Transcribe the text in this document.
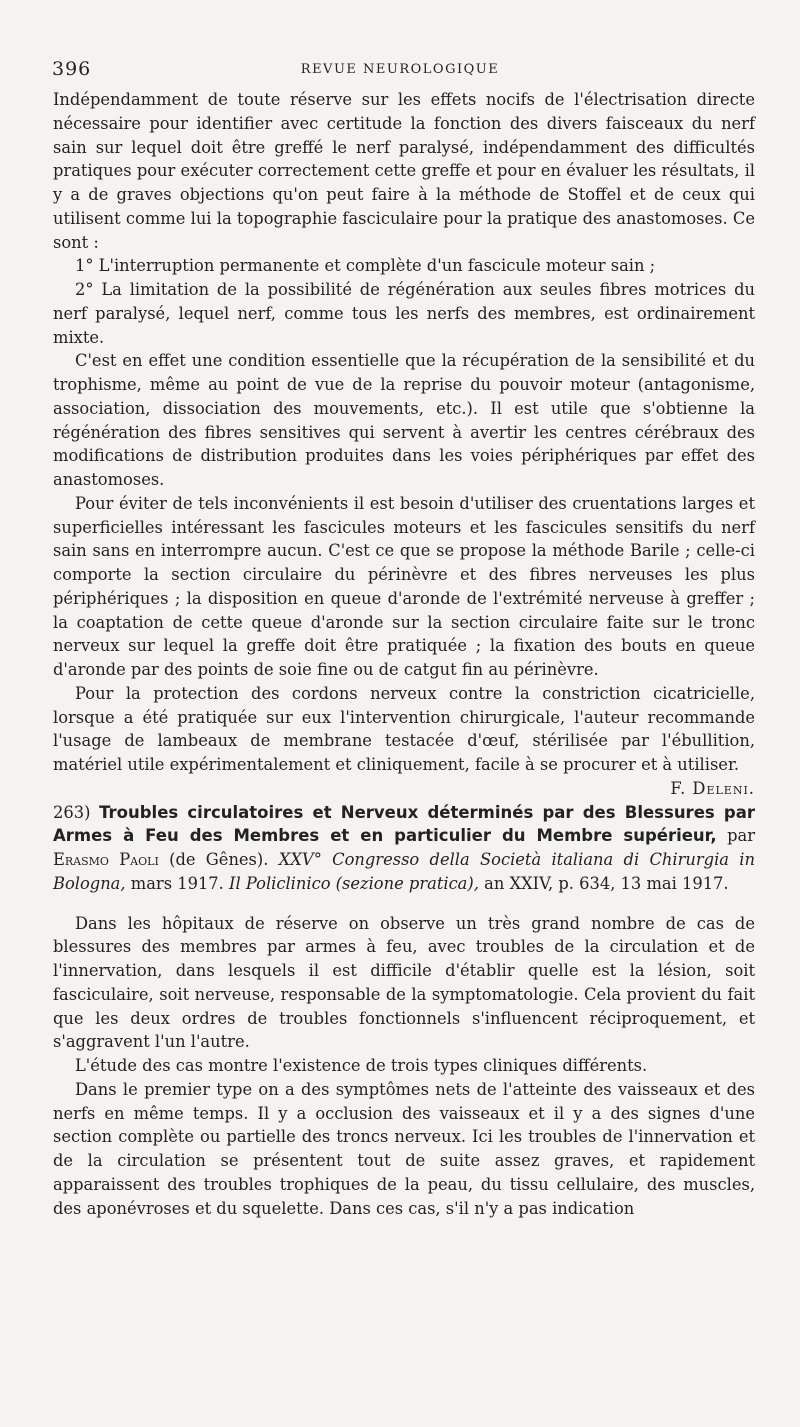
396	REVUE NEUROLOGIQUE

Indépendamment de toute réserve sur les effets nocifs de l'électrisation directe nécessaire pour identifier avec certitude la fonction des divers faisceaux du nerf sain sur lequel doit être greffé le nerf paralysé, indépendamment des difficultés pratiques pour exécuter correctement cette greffe et pour en évaluer les résultats, il y a de graves objections qu'on peut faire à la méthode de Stoffel et de ceux qui utilisent comme lui la topographie fasciculaire pour la pratique des anastomoses. Ce sont :

1° L'interruption permanente et complète d'un fascicule moteur sain ;

2° La limitation de la possibilité de régénération aux seules fibres motrices du nerf paralysé, lequel nerf, comme tous les nerfs des membres, est ordinairement mixte.

C'est en effet une condition essentielle que la récupération de la sensibilité et du trophisme, même au point de vue de la reprise du pouvoir moteur (antagonisme, association, dissociation des mouvements, etc.). Il est utile que s'obtienne la régénération des fibres sensitives qui servent à avertir les centres cérébraux des modifications de distribution produites dans les voies périphériques par effet des anastomoses.

Pour éviter de tels inconvénients il est besoin d'utiliser des cruentations larges et superficielles intéressant les fascicules moteurs et les fascicules sensitifs du nerf sain sans en interrompre aucun. C'est ce que se propose la méthode Barile ; celle-ci comporte la section circulaire du périnèvre et des fibres nerveuses les plus périphériques ; la disposition en queue d'aronde de l'extrémité nerveuse à greffer ; la coaptation de cette queue d'aronde sur la section circulaire faite sur le tronc nerveux sur lequel la greffe doit être pratiquée ; la fixation des bouts en queue d'aronde par des points de soie fine ou de catgut fin au périnèvre.

Pour la protection des cordons nerveux contre la constriction cicatricielle, lorsque a été pratiquée sur eux l'intervention chirurgicale, l'auteur recommande l'usage de lambeaux de membrane testacée d'œuf, stérilisée par l'ébullition, matériel utile expérimentalement et cliniquement, facile à se procurer et à utiliser.

F. Deleni.

263) Troubles circulatoires et Nerveux déterminés par des Blessures par Armes à Feu des Membres et en particulier du Membre supérieur, par Erasmo Paoli (de Gênes). XXV° Congresso della Società italiana di Chirurgia in Bologna, mars 1917. Il Policlinico (sezione pratica), an XXIV, p. 634, 13 mai 1917.

Dans les hôpitaux de réserve on observe un très grand nombre de cas de blessures des membres par armes à feu, avec troubles de la circulation et de l'innervation, dans lesquels il est difficile d'établir quelle est la lésion, soit fasciculaire, soit nerveuse, responsable de la symptomatologie. Cela provient du fait que les deux ordres de troubles fonctionnels s'influencent réciproquement, et s'aggravent l'un l'autre.

L'étude des cas montre l'existence de trois types cliniques différents.

Dans le premier type on a des symptômes nets de l'atteinte des vaisseaux et des nerfs en même temps. Il y a occlusion des vaisseaux et il y a des signes d'une section complète ou partielle des troncs nerveux. Ici les troubles de l'innervation et de la circulation se présentent tout de suite assez graves, et rapidement apparaissent des troubles trophiques de la peau, du tissu cellulaire, des muscles, des aponévroses et du squelette. Dans ces cas, s'il n'y a pas indication
